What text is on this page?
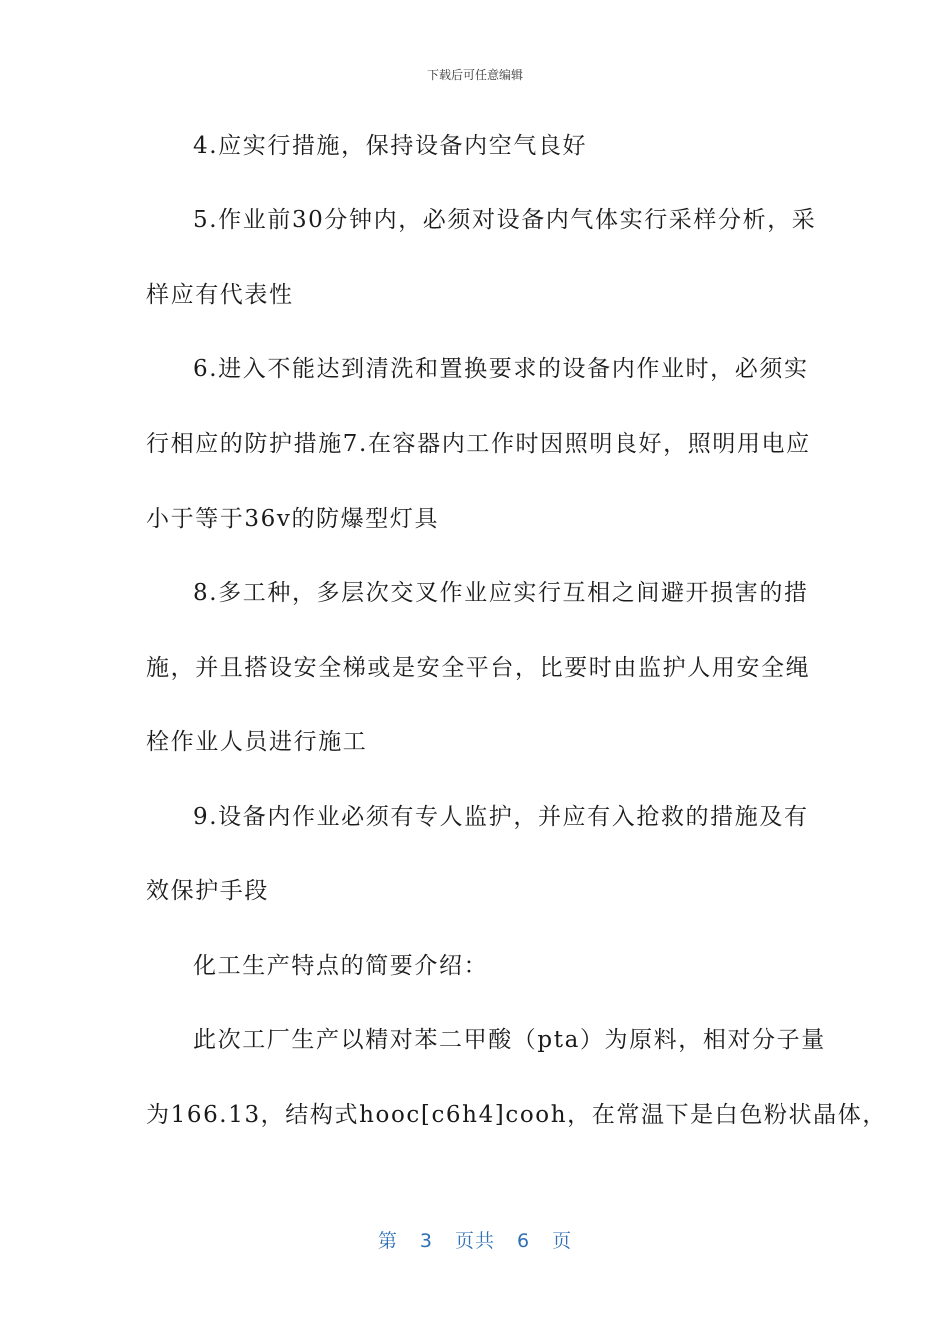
下载后可任意编辑
4.应实行措施，保持设备内空气良好
5.作业前30分钟内，必须对设备内气体实行采样分析，采
样应有代表性
6.进入不能达到清洗和置换要求的设备内作业时，必须实
行相应的防护措施7.在容器内工作时因照明良好，照明用电应
小于等于36v的防爆型灯具
8.多工种，多层次交叉作业应实行互相之间避开损害的措
施，并且搭设安全梯或是安全平台，比要时由监护人用安全绳
栓作业人员进行施工
9.设备内作业必须有专人监护，并应有入抢救的措施及有
效保护手段
化工生产特点的简要介绍：
此次工厂生产以精对苯二甲酸（pta）为原料，相对分子量
为166.13，结构式hooc[c6h4]cooh，在常温下是白色粉状晶体，
第 3 页共 6 页
